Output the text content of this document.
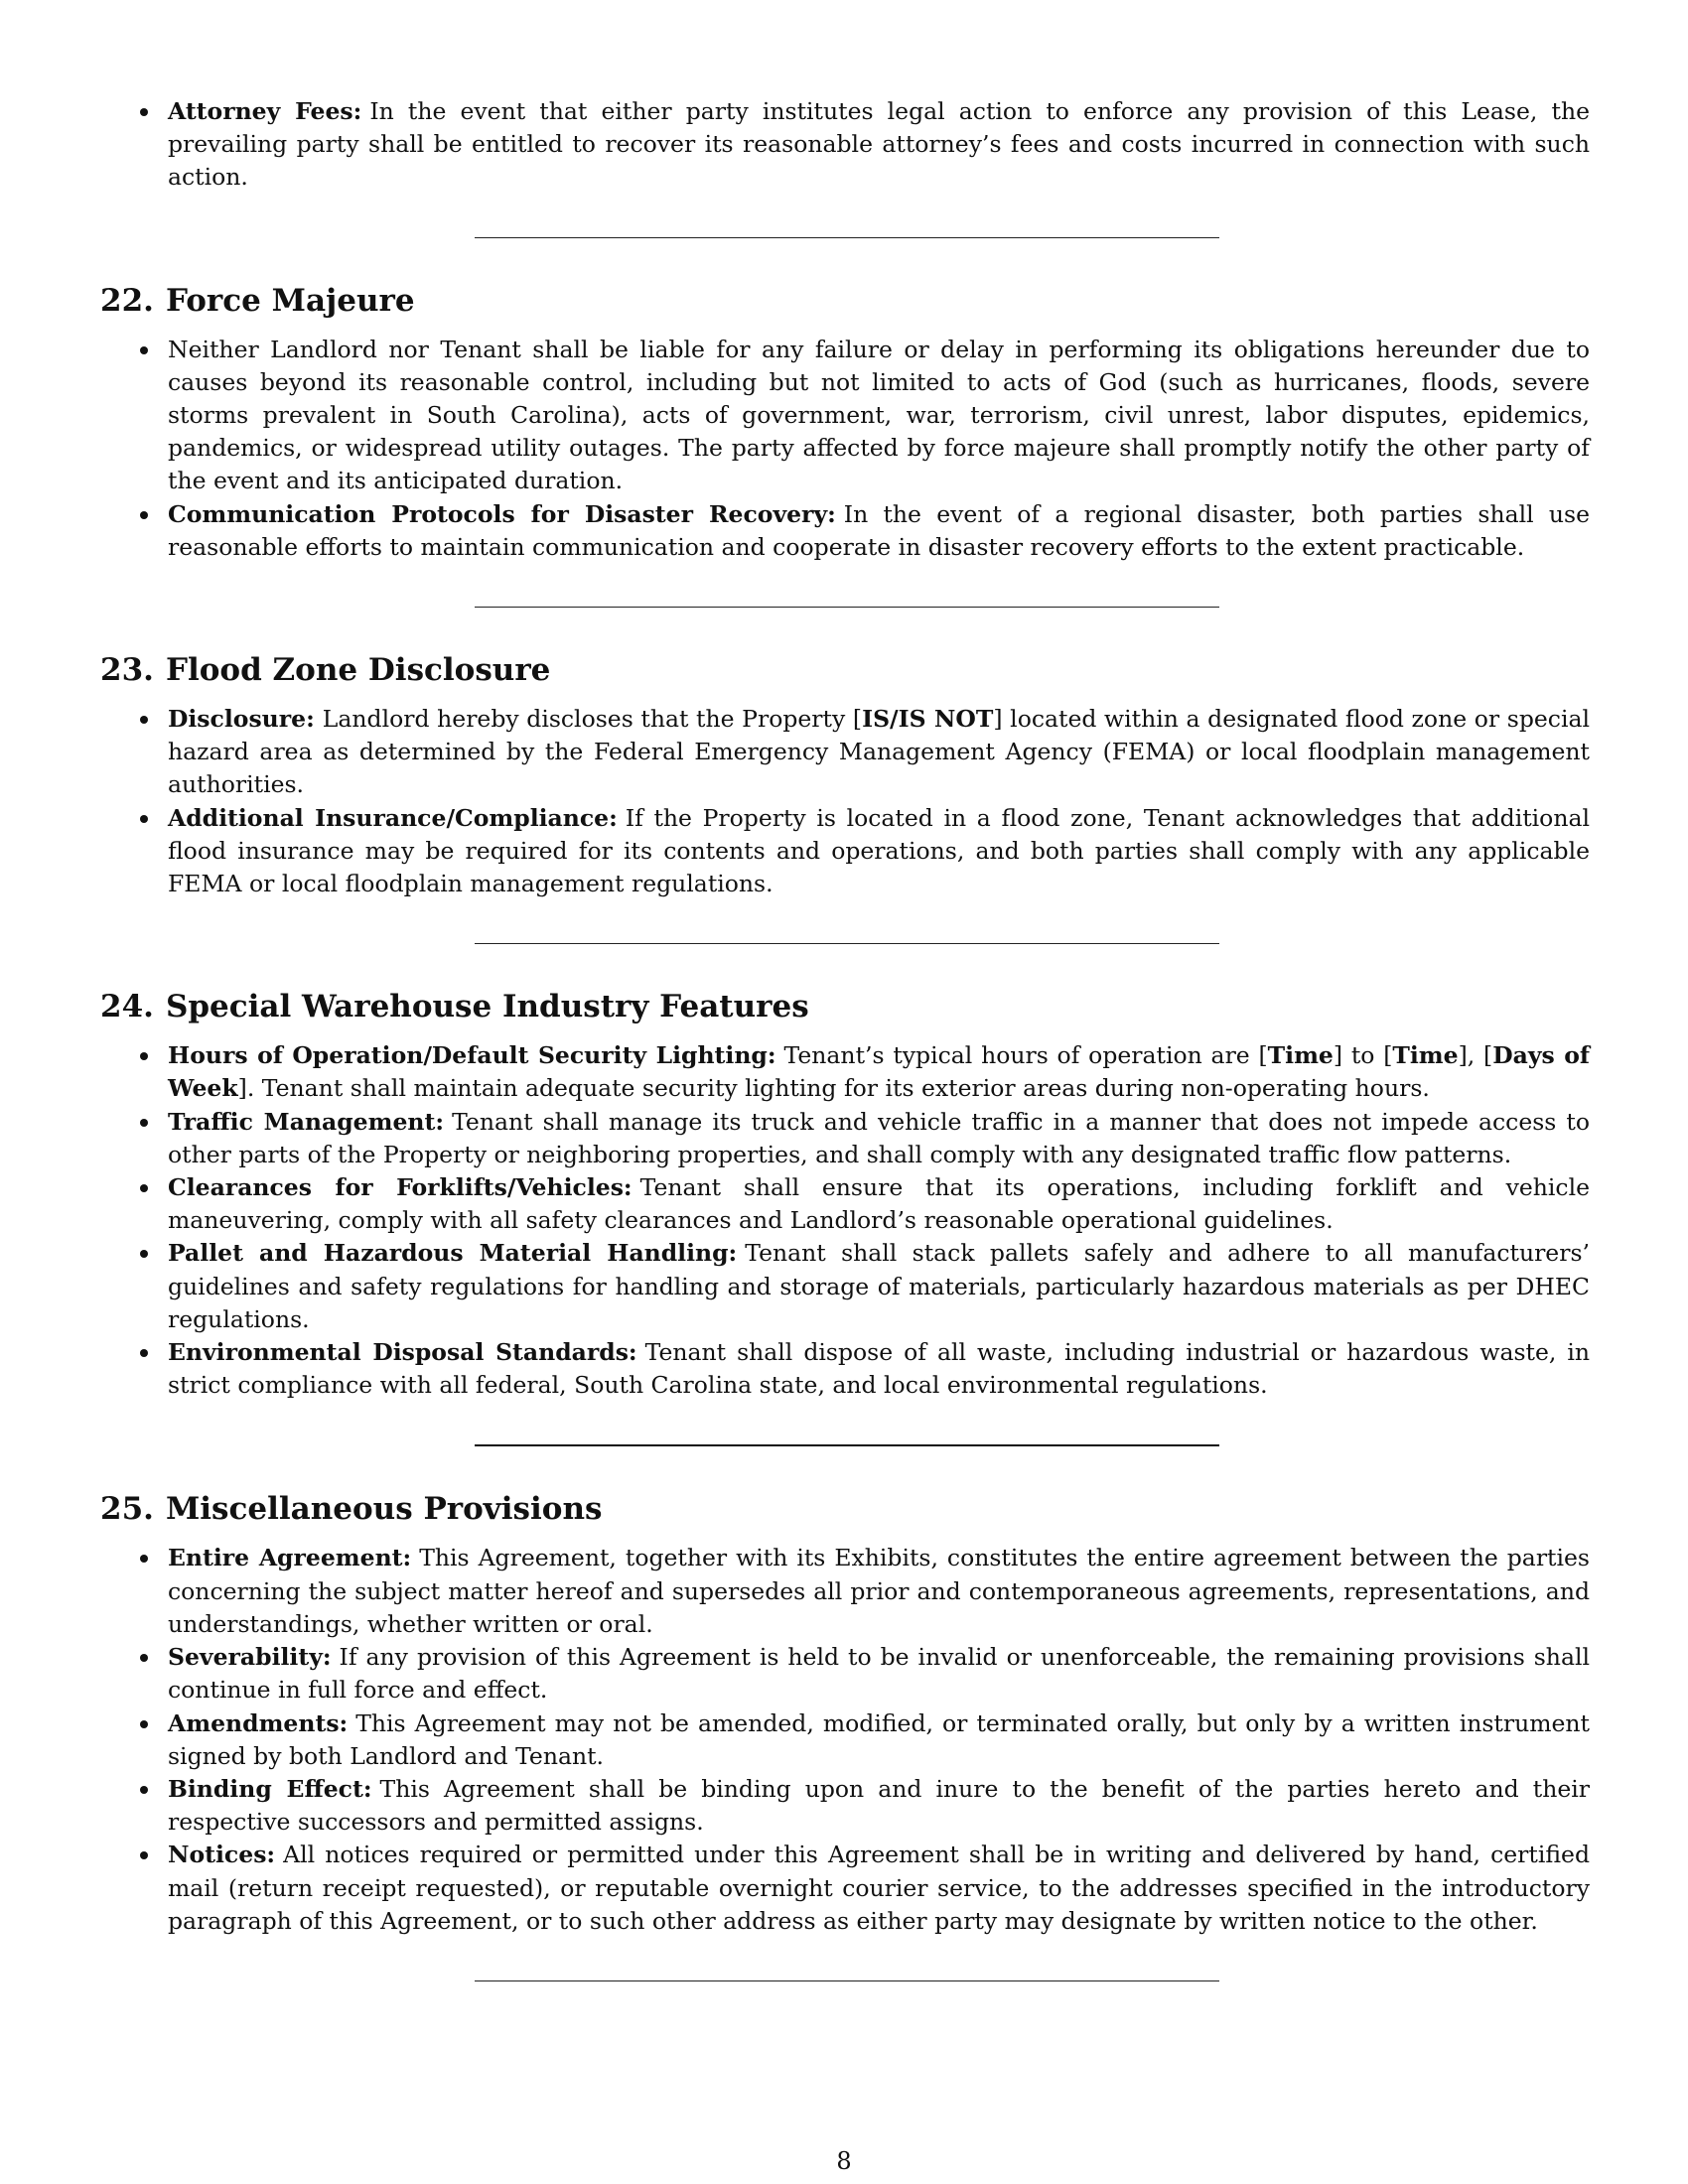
Attorney Fees: In the event that either party institutes legal action to enforce any provision of this Lease, the prevailing party shall be entitled to recover its reasonable attorney’s fees and costs incurred in connection with such action.
22. Force Majeure
Neither Landlord nor Tenant shall be liable for any failure or delay in performing its obligations hereunder due to causes beyond its reasonable control, including but not limited to acts of God (such as hurricanes, floods, severe storms prevalent in South Carolina), acts of government, war, terrorism, civil unrest, labor disputes, epidemics, pandemics, or widespread utility outages. The party affected by force majeure shall promptly notify the other party of the event and its anticipated duration.
Communication Protocols for Disaster Recovery: In the event of a regional disaster, both parties shall use reasonable efforts to maintain communication and cooperate in disaster recovery efforts to the extent practicable.
23. Flood Zone Disclosure
Disclosure: Landlord hereby discloses that the Property [IS/IS NOT] located within a designated flood zone or special hazard area as determined by the Federal Emergency Management Agency (FEMA) or local floodplain management authorities.
Additional Insurance/Compliance: If the Property is located in a flood zone, Tenant acknowledges that additional flood insurance may be required for its contents and operations, and both parties shall comply with any applicable FEMA or local floodplain management regulations.
24. Special Warehouse Industry Features
Hours of Operation/Default Security Lighting: Tenant’s typical hours of operation are [Time] to [Time], [Days of Week]. Tenant shall maintain adequate security lighting for its exterior areas during non-operating hours.
Traffic Management: Tenant shall manage its truck and vehicle traffic in a manner that does not impede access to other parts of the Property or neighboring properties, and shall comply with any designated traffic flow patterns.
Clearances for Forklifts/Vehicles: Tenant shall ensure that its operations, including forklift and vehicle maneuvering, comply with all safety clearances and Landlord’s reasonable operational guidelines.
Pallet and Hazardous Material Handling: Tenant shall stack pallets safely and adhere to all manufacturers’ guidelines and safety regulations for handling and storage of materials, particularly hazardous materials as per DHEC regulations.
Environmental Disposal Standards: Tenant shall dispose of all waste, including industrial or hazardous waste, in strict compliance with all federal, South Carolina state, and local environmental regulations.
25. Miscellaneous Provisions
Entire Agreement: This Agreement, together with its Exhibits, constitutes the entire agreement between the parties concerning the subject matter hereof and supersedes all prior and contemporaneous agreements, representations, and understandings, whether written or oral.
Severability: If any provision of this Agreement is held to be invalid or unenforceable, the remaining provisions shall continue in full force and effect.
Amendments: This Agreement may not be amended, modified, or terminated orally, but only by a written instrument signed by both Landlord and Tenant.
Binding Effect: This Agreement shall be binding upon and inure to the benefit of the parties hereto and their respective successors and permitted assigns.
Notices: All notices required or permitted under this Agreement shall be in writing and delivered by hand, certified mail (return receipt requested), or reputable overnight courier service, to the addresses specified in the introductory paragraph of this Agreement, or to such other address as either party may designate by written notice to the other.
8
